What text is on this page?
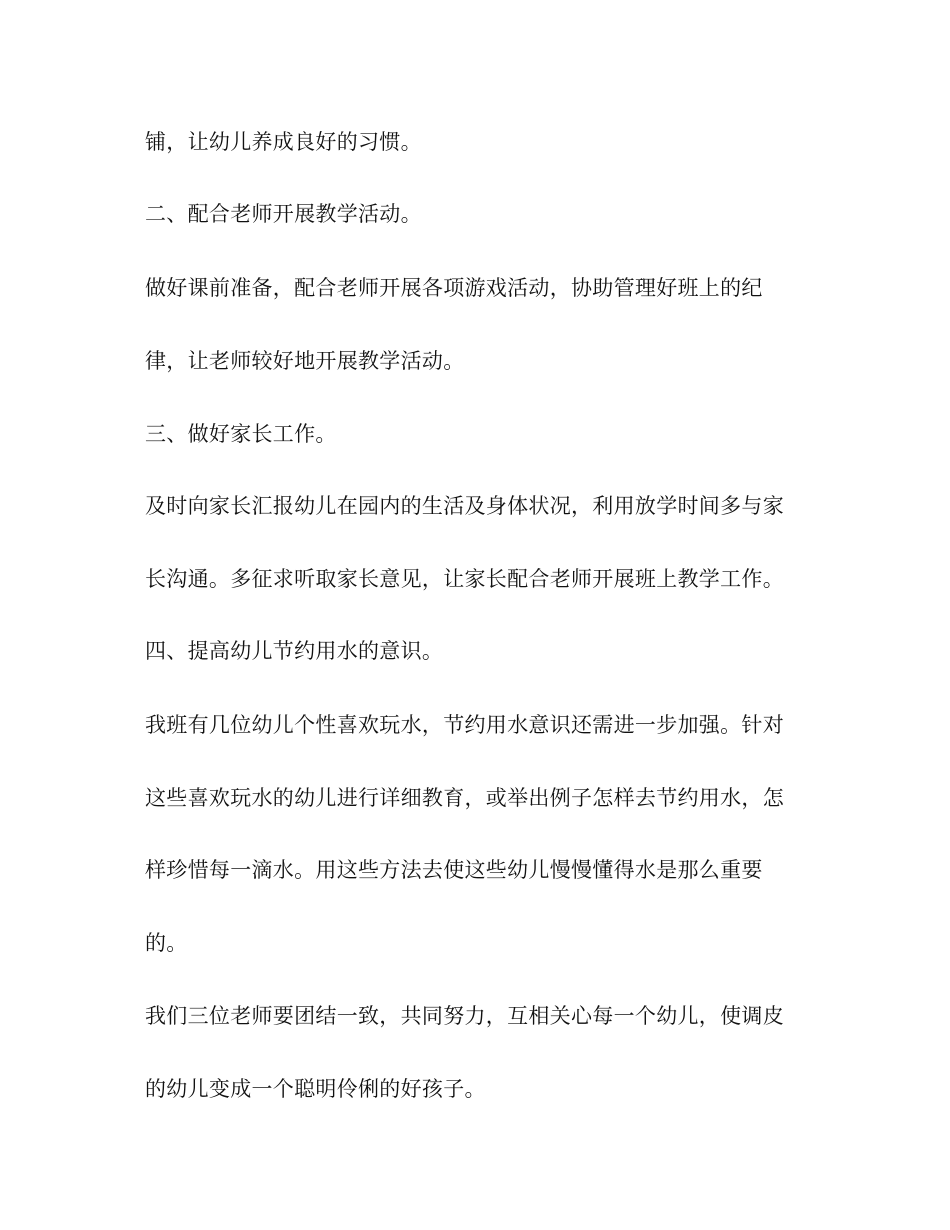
铺，让幼儿养成良好的习惯。
二、配合老师开展教学活动。
做好课前准备，配合老师开展各项游戏活动，协助管理好班上的纪
律，让老师较好地开展教学活动。
三、做好家长工作。
及时向家长汇报幼儿在园内的生活及身体状况，利用放学时间多与家
长沟通。多征求听取家长意见，让家长配合老师开展班上教学工作。
四、提高幼儿节约用水的意识。
我班有几位幼儿个性喜欢玩水，节约用水意识还需进一步加强。针对
这些喜欢玩水的幼儿进行详细教育，或举出例子怎样去节约用水，怎
样珍惜每一滴水。用这些方法去使这些幼儿慢慢懂得水是那么重要
的。
我们三位老师要团结一致，共同努力，互相关心每一个幼儿，使调皮
的幼儿变成一个聪明伶俐的好孩子。
